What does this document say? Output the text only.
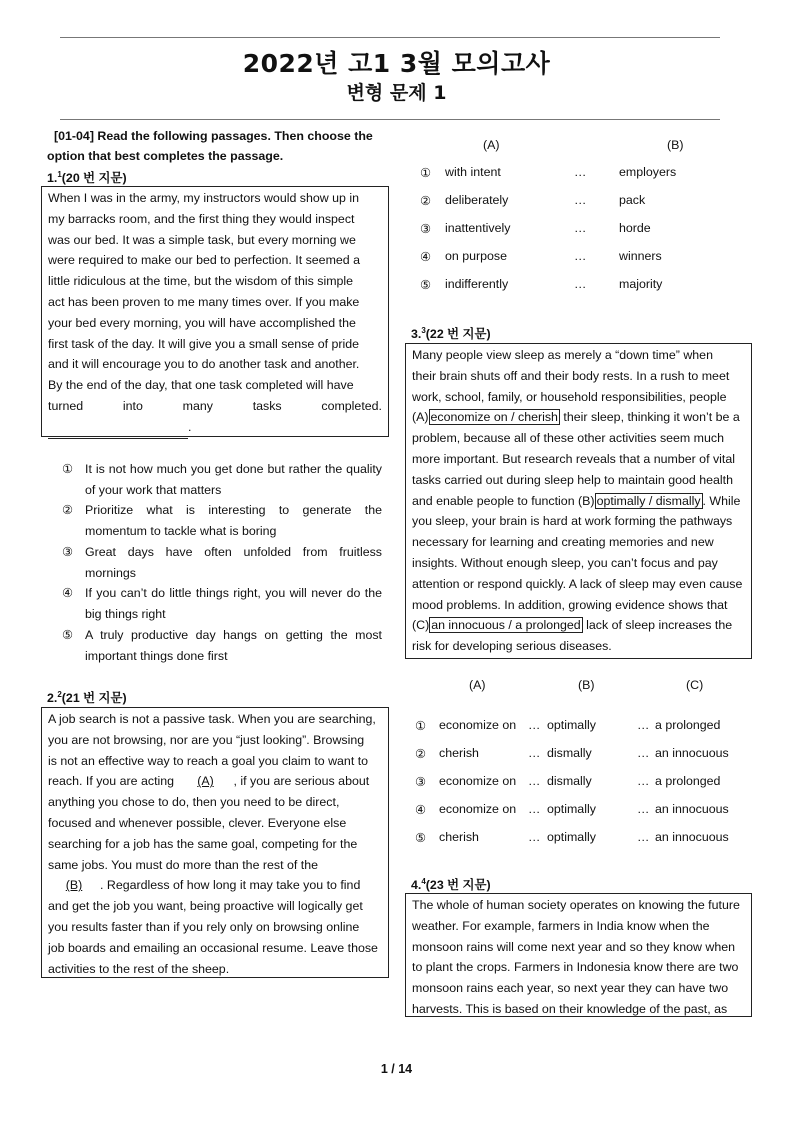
2022년 고1 3월 모의고사
변형 문제 1
[01-04] Read the following passages. Then choose the option that best completes the passage.
1.$^1$(20 번 지문)
When I was in the army, my instructors would show up in
my barracks room, and the first thing they would inspect
was our bed. It was a simple task, but every morning we
were required to make our bed to perfection. It seemed a
little ridiculous at the time, but the wisdom of this simple
act has been proven to me many times over. If you make
your bed every morning, you will have accomplished the
first task of the day. It will give you a small sense of pride
and it will encourage you to do another task and another.
By the end of the day, that one task completed will have
turned into many tasks completed.
.
① It is not how much you get done but rather the quality of your work that matters
② Prioritize what is interesting to generate the momentum to tackle what is boring
③ Great days have often unfolded from fruitless mornings
④ If you can’t do little things right, you will never do the big things right
⑤ A truly productive day hangs on getting the most important things done first
2.$^2$(21 번 지문)
A job search is not a passive task. When you are searching,
you are not browsing, nor are you “just looking”. Browsing
is not an effective way to reach a goal you claim to want to
reach. If you are acting (A) , if you are serious about
anything you chose to do, then you need to be direct,
focused and whenever possible, clever. Everyone else
searching for a job has the same goal, competing for the
same jobs. You must do more than the rest of the
(B) . Regardless of how long it may take you to find
and get the job you want, being proactive will logically get
you results faster than if you rely only on browsing online
job boards and emailing an occasional resume. Leave those
activities to the rest of the sheep.
(A)	(B)
① with intent	…	employers
② deliberately	…	pack
③ inattentively	…	horde
④ on purpose	…	winners
⑤ indifferently	…	majority
3.$^3$(22 번 지문)
Many people view sleep as merely a “down time” when
their brain shuts off and their body rests. In a rush to meet
work, school, family, or household responsibilities, people
(A) economize on / cherish their sleep, thinking it won’t be a
problem, because all of these other activities seem much
more important. But research reveals that a number of vital
tasks carried out during sleep help to maintain good health
and enable people to function (B) optimally / dismally . While
you sleep, your brain is hard at work forming the pathways
necessary for learning and creating memories and new
insights. Without enough sleep, you can’t focus and pay
attention or respond quickly. A lack of sleep may even cause
mood problems. In addition, growing evidence shows that
(C) an innocuous / a prolonged lack of sleep increases the
risk for developing serious diseases.
(A)	(B)	(C)
① economize on … optimally	… a prolonged
② cherish	… dismally	… an innocuous
③ economize on … dismally	… a prolonged
④ economize on … optimally	… an innocuous
⑤ cherish	… optimally	… an innocuous
4.$^4$(23 번 지문)
The whole of human society operates on knowing the future
weather. For example, farmers in India know when the
monsoon rains will come next year and so they know when
to plant the crops. Farmers in Indonesia know there are two
monsoon rains each year, so next year they can have two
harvests. This is based on their knowledge of the past, as
1 / 14
